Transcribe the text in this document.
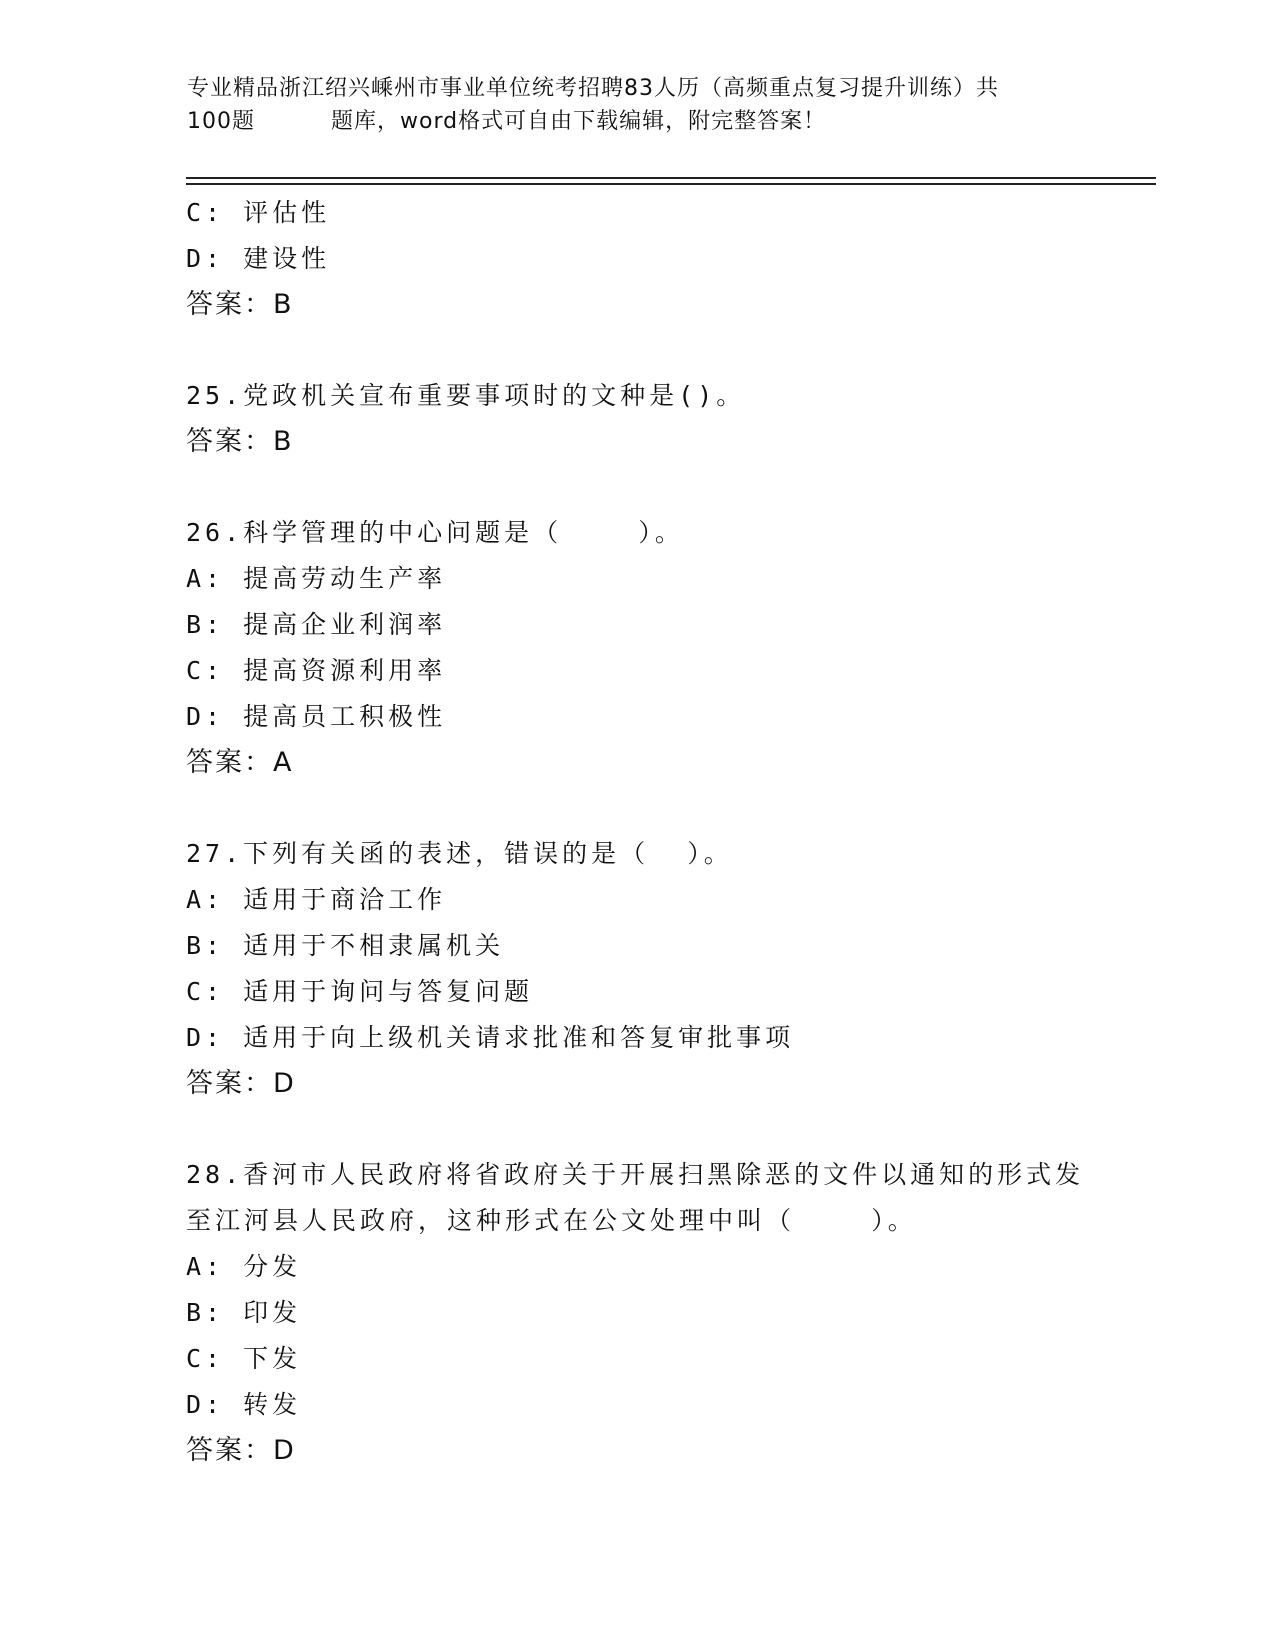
专业精品浙江绍兴嵊州市事业单位统考招聘83人历（高频重点复习提升训练）共
100题	题库，word格式可自由下载编辑，附完整答案！
C: 评估性
D: 建设性
答案：B
25.党政机关宣布重要事项时的文种是()。
答案：B
26.科学管理的中心问题是（    ）。
A: 提高劳动生产率
B: 提高企业利润率
C: 提高资源利用率
D: 提高员工积极性
答案：A
27.下列有关函的表述，错误的是（  ）。
A: 适用于商洽工作
B: 适用于不相隶属机关
C: 适用于询问与答复问题
D: 适用于向上级机关请求批准和答复审批事项
答案：D
28.香河市人民政府将省政府关于开展扫黑除恶的文件以通知的形式发
至江河县人民政府，这种形式在公文处理中叫（    ）。
A: 分发
B: 印发
C: 下发
D: 转发
答案：D
